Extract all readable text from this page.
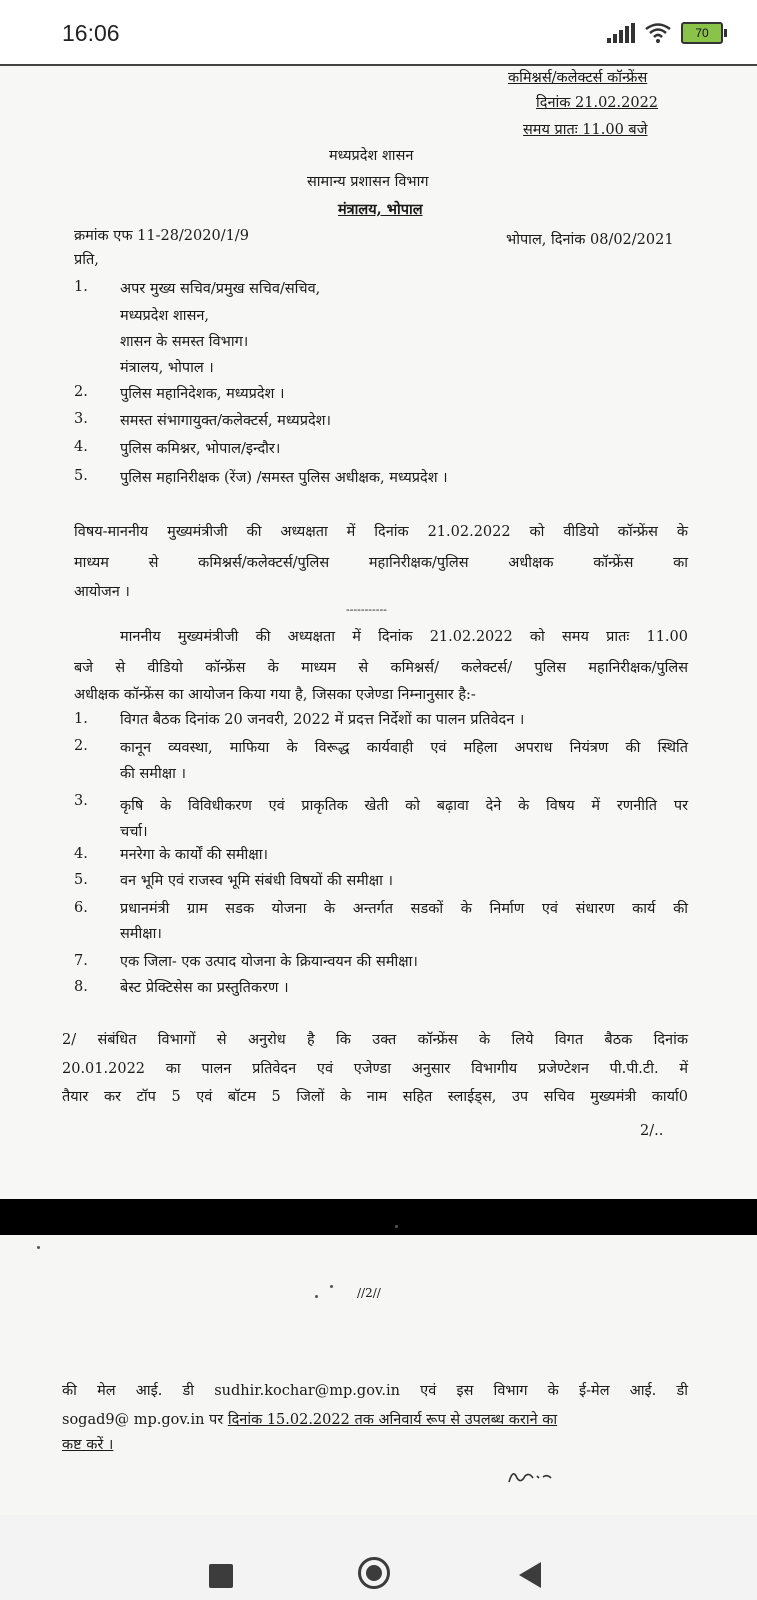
16:06	70
कमिश्नर्स/कलेक्टर्स कॉन्फ्रेंस
दिनांक 21.02.2022
समय प्रातः 11.00 बजे
मध्यप्रदेश शासन
सामान्य प्रशासन विभाग
मंत्रालय, भोपाल
क्रमांक एफ 11-28/2020/1/9	भोपाल, दिनांक 08/02/2021
प्रति,
1. अपर मुख्य सचिव/प्रमुख सचिव/सचिव,
मध्यप्रदेश शासन,
शासन के समस्त विभाग।
मंत्रालय, भोपाल ।
2. पुलिस महानिदेशक, मध्यप्रदेश ।
3. समस्त संभागायुक्त/कलेक्टर्स, मध्यप्रदेश।
4. पुलिस कमिश्नर, भोपाल/इन्दौर।
5. पुलिस महानिरीक्षक (रेंज) /समस्त पुलिस अधीक्षक, मध्यप्रदेश ।
विषय-माननीय मुख्यमंत्रीजी की अध्यक्षता में दिनांक 21.02.2022 को वीडियो कॉन्फ्रेंस के
माध्यम से कमिश्नर्स/कलेक्टर्स/पुलिस महानिरीक्षक/पुलिस अधीक्षक कॉन्फ्रेंस का
आयोजन ।
-----------
माननीय मुख्यमंत्रीजी की अध्यक्षता में दिनांक 21.02.2022 को समय प्रातः 11.00
बजे से वीडियो कॉन्फ्रेंस के माध्यम से कमिश्नर्स/ कलेक्टर्स/ पुलिस महानिरीक्षक/पुलिस
अधीक्षक कॉन्फ्रेंस का आयोजन किया गया है, जिसका एजेण्डा निम्नानुसार है:-
1. विगत बैठक दिनांक 20 जनवरी, 2022 में प्रदत्त निर्देशों का पालन प्रतिवेदन ।
2. कानून व्यवस्था, माफिया के विरूद्ध कार्यवाही एवं महिला अपराध नियंत्रण की स्थिति
की समीक्षा ।
3. कृषि के विविधीकरण एवं प्राकृतिक खेती को बढ़ावा देने के विषय में रणनीति पर
चर्चा।
4. मनरेगा के कार्यों की समीक्षा।
5. वन भूमि एवं राजस्व भूमि संबंधी विषयों की समीक्षा ।
6. प्रधानमंत्री ग्राम सडक योजना के अन्तर्गत सडकों के निर्माण एवं संधारण कार्य की
समीक्षा।
7. एक जिला- एक उत्पाद योजना के क्रियान्वयन की समीक्षा।
8. बेस्ट प्रेक्टिसेस का प्रस्तुतिकरण ।
2/ संबंधित विभागों से अनुरोध है कि उक्त कॉन्फ्रेंस के लिये विगत बैठक दिनांक
20.01.2022 का पालन प्रतिवेदन एवं एजेण्डा अनुसार विभागीय प्रजेण्टेशन पी.पी.टी. में
तैयार कर टॉप 5 एवं बॉटम 5 जिलों के नाम सहित स्लाईड्स, उप सचिव मुख्यमंत्री कार्या0
2/..
//2//
की मेल आई. डी sudhir.kochar@mp.gov.in एवं इस विभाग के ई-मेल आई. डी
sogad9@ mp.gov.in पर दिनांक 15.02.2022 तक अनिवार्य रूप से उपलब्ध कराने का
कष्ट करें ।
